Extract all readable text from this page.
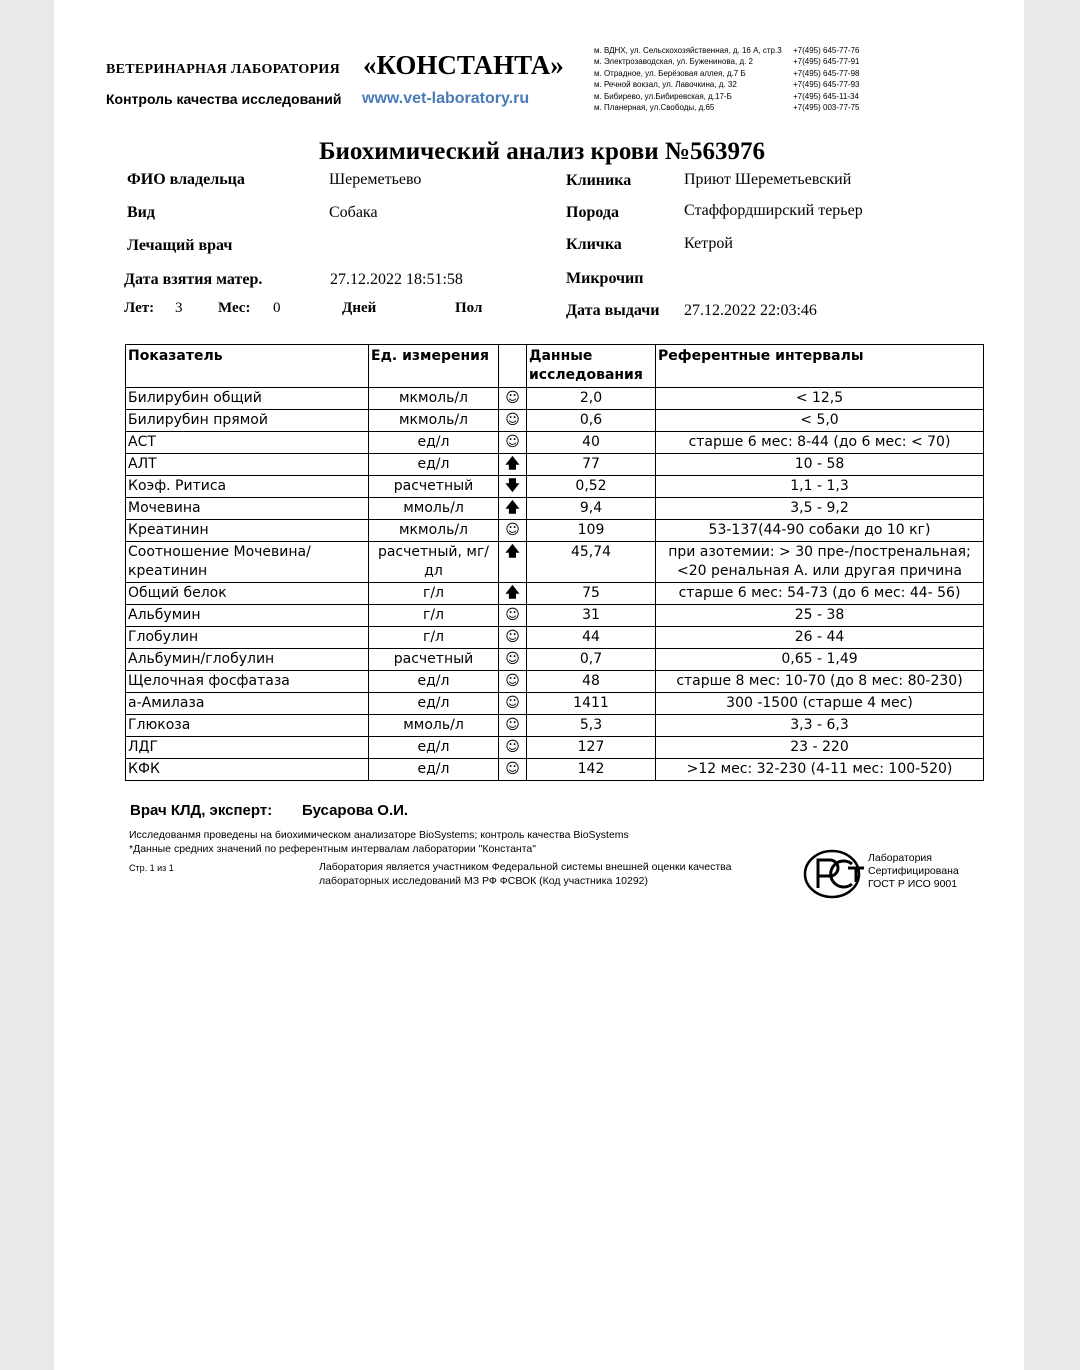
ВЕТЕРИНАРНАЯ ЛАБОРАТОРИЯ «КОНСТАНТА»
Контроль качества исследований www.vet-laboratory.ru
м. ВДНХ, ул. Сельскохозяйственная, д. 16 А, стр.3	+7(495) 645-77-76
м. Электрозаводская, ул. Буженинова, д. 2	+7(495) 645-77-91
м. Отрадное, ул. Берёзовая аллея, д.7 Б	+7(495) 645-77-98
м. Речной вокзал, ул. Лавочкина, д. 32	+7(495) 645-77-93
м. Бибирево, ул.Бибиревская, д.17-Б	+7(495) 645-11-34
м. Планерная, ул.Свободы, д.65	+7(495) 003-77-75
Биохимический анализ крови №563976
ФИО владельца	Шереметьево
Вид	Собака
Лечащий врач
Дата взятия матер.	27.12.2022 18:51:58
Лет: 3 Мес: 0	Дней	Пол
Клиника	Приют Шереметьевский
Порода	Стаффордширский терьер
Кличка	Кетрой
Микрочип
Дата выдачи 27.12.2022 22:03:46
Показатель	Ед. измерения		Данные исследования	Референтные интервалы
Билирубин общий	мкмоль/л	☺	2,0	< 12,5
Билирубин прямой	мкмоль/л	☺	0,6	< 5,0
АСТ	ед/л	☺	40	старше 6 мес: 8-44 (до 6 мес: < 70)
АЛТ	ед/л	🡅	77	10 - 58
Коэф. Ритиса	расчетный	🡇	0,52	1,1 - 1,3
Мочевина	ммоль/л	🡅	9,4	3,5 - 9,2
Креатинин	мкмоль/л	☺	109	53-137(44-90 собаки до 10 кг)
Соотношение Мочевина/креатинин	расчетный, мг/дл	🡅	45,74	при азотемии: > 30 пре-/постренальная; <20 ренальная А. или другая причина
Общий белок	г/л	🡅	75	старше 6 мес: 54-73 (до 6 мес: 44- 56)
Альбумин	г/л	☺	31	25 - 38
Глобулин	г/л	☺	44	26 - 44
Альбумин/глобулин	расчетный	☺	0,7	0,65 - 1,49
Щелочная фосфатаза	ед/л	☺	48	старше 8 мес: 10-70 (до 8 мес: 80-230)
а-Амилаза	ед/л	☺	1411	300 -1500 (старше 4 мес)
Глюкоза	ммоль/л	☺	5,3	3,3 - 6,3
ЛДГ	ед/л	☺	127	23 - 220
КФК	ед/л	☺	142	>12 мес: 32-230 (4-11 мес: 100-520)
Врач КЛД, эксперт: Бусарова О.И.
Исследованмя проведены на биохимическом анализаторе BioSystems; контроль качества BioSystems
*Данные средних значений по референтным интервалам лаборатории "Константа"
Стр. 1 из 1	Лаборатория является участником Федеральной системы внешней оценки качества
лабораторных исследований МЗ РФ ФСВОК (Код участника 10292)
Лаборатория
Сертифицирована
ГОСТ Р ИСО 9001
